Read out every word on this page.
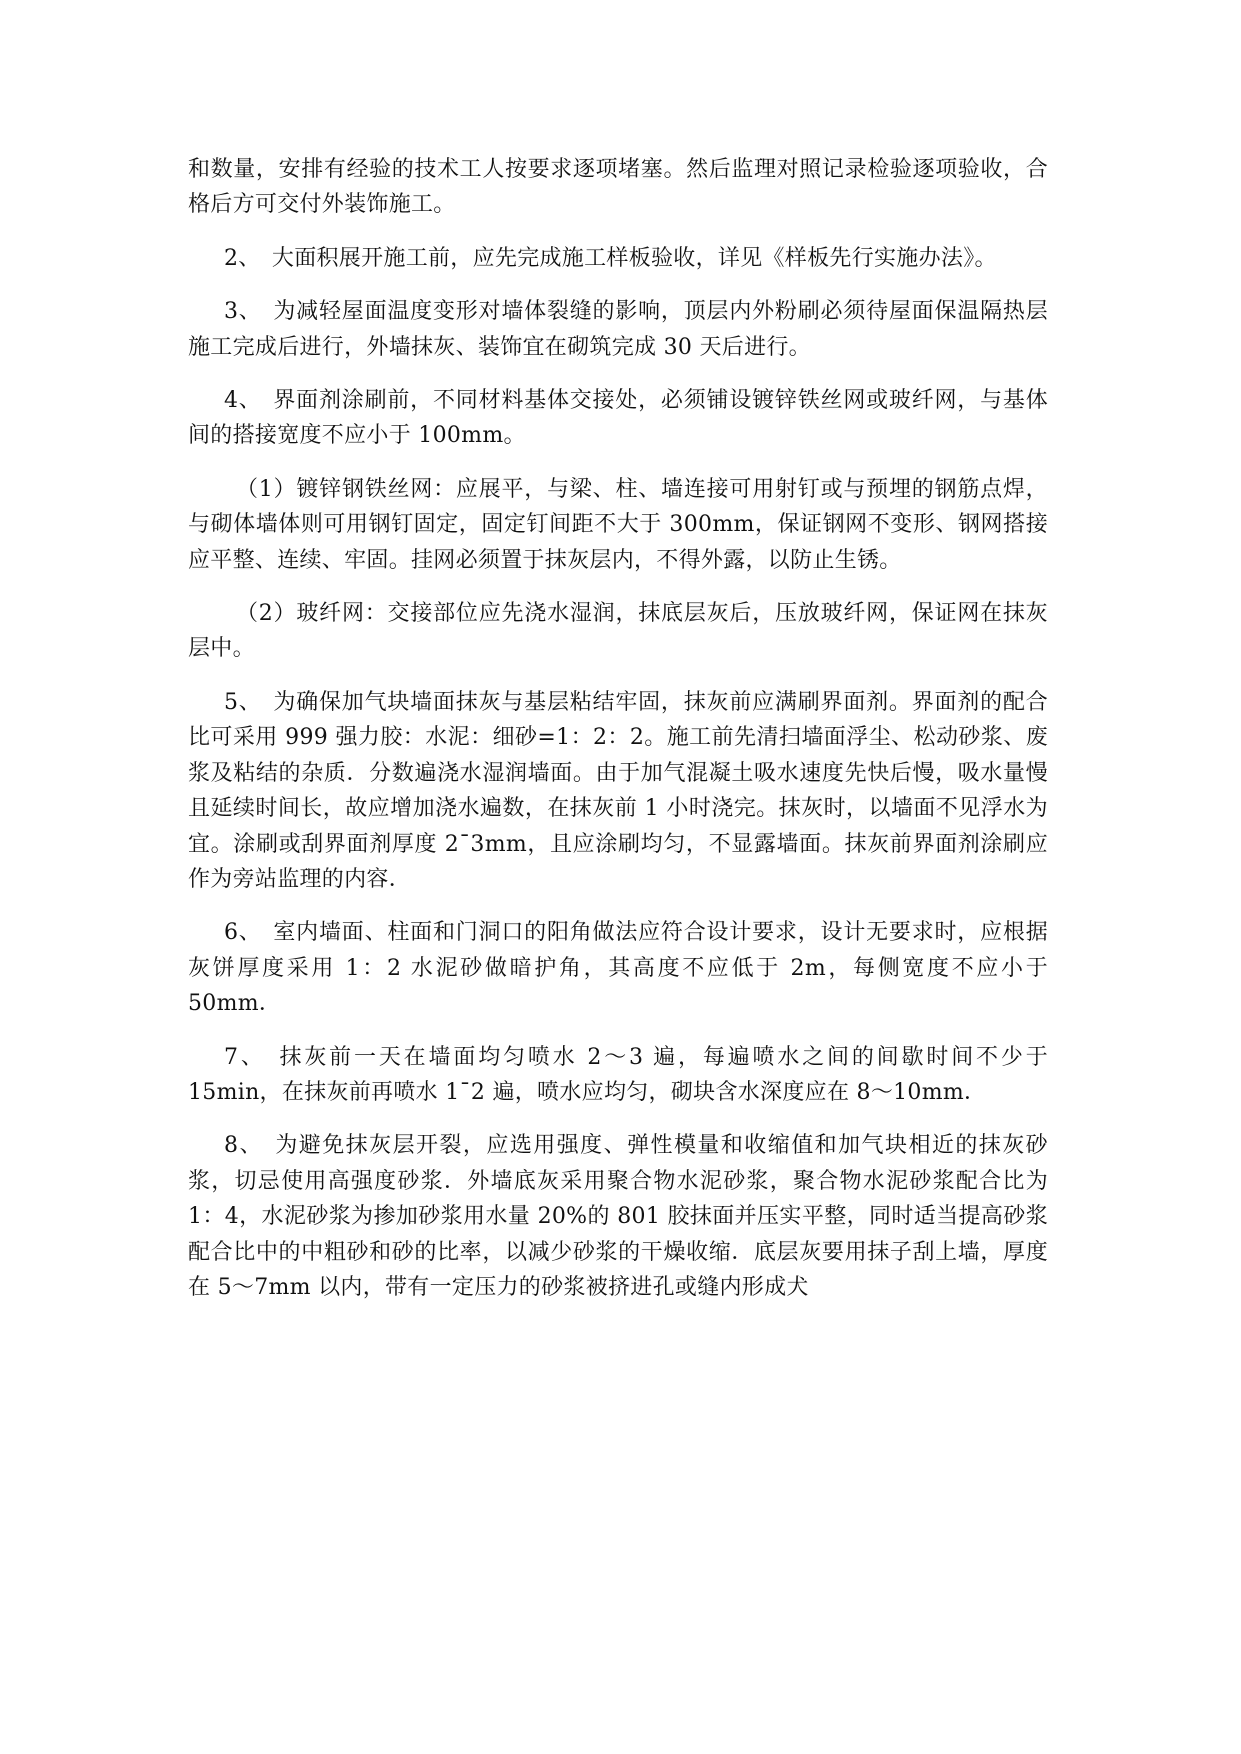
和数量，安排有经验的技术工人按要求逐项堵塞。然后监理对照记录检验逐项验收，合格后方可交付外装饰施工。

2、　大面积展开施工前，应先完成施工样板验收，详见《样板先行实施办法》。

3、　为减轻屋面温度变形对墙体裂缝的影响，顶层内外粉刷必须待屋面保温隔热层施工完成后进行，外墙抹灰、装饰宜在砌筑完成 30 天后进行。

4、　界面剂涂刷前，不同材料基体交接处，必须铺设镀锌铁丝网或玻纤网，与基体间的搭接宽度不应小于 100mm。

（1）镀锌钢铁丝网：应展平，与梁、柱、墙连接可用射钉或与预埋的钢筋点焊，与砌体墙体则可用钢钉固定，固定钉间距不大于 300mm，保证钢网不变形、钢网搭接应平整、连续、牢固。挂网必须置于抹灰层内，不得外露，以防止生锈。

（2）玻纤网：交接部位应先浇水湿润，抹底层灰后，压放玻纤网，保证网在抹灰层中。

5、　为确保加气块墙面抹灰与基层粘结牢固，抹灰前应满刷界面剂。界面剂的配合比可采用 999 强力胶：水泥：细砂=1：2：2。施工前先清扫墙面浮尘、松动砂浆、废浆及粘结的杂质．分数遍浇水湿润墙面。由于加气混凝土吸水速度先快后慢，吸水量慢且延续时间长，故应增加浇水遍数，在抹灰前 1 小时浇完。抹灰时，以墙面不见浮水为宜。涂刷或刮界面剂厚度 2¯3mm，且应涂刷均匀，不显露墙面。抹灰前界面剂涂刷应作为旁站监理的内容．

6、　室内墙面、柱面和门洞口的阳角做法应符合设计要求，设计无要求时，应根据灰饼厚度采用 1：2 水泥砂做暗护角，其高度不应低于 2m，每侧宽度不应小于 50mm．

7、　抹灰前一天在墙面均匀喷水 2～3 遍，每遍喷水之间的间歇时间不少于 15min，在抹灰前再喷水 1¯2 遍，喷水应均匀，砌块含水深度应在 8～10mm．

8、　为避免抹灰层开裂，应选用强度、弹性模量和收缩值和加气块相近的抹灰砂浆，切忌使用高强度砂浆．外墙底灰采用聚合物水泥砂浆，聚合物水泥砂浆配合比为 1：4，水泥砂浆为掺加砂浆用水量 20%的 801 胶抹面并压实平整，同时适当提高砂浆配合比中的中粗砂和砂的比率，以减少砂浆的干燥收缩．底层灰要用抹子刮上墙，厚度在 5～7mm 以内，带有一定压力的砂浆被挤进孔或缝内形成犬
